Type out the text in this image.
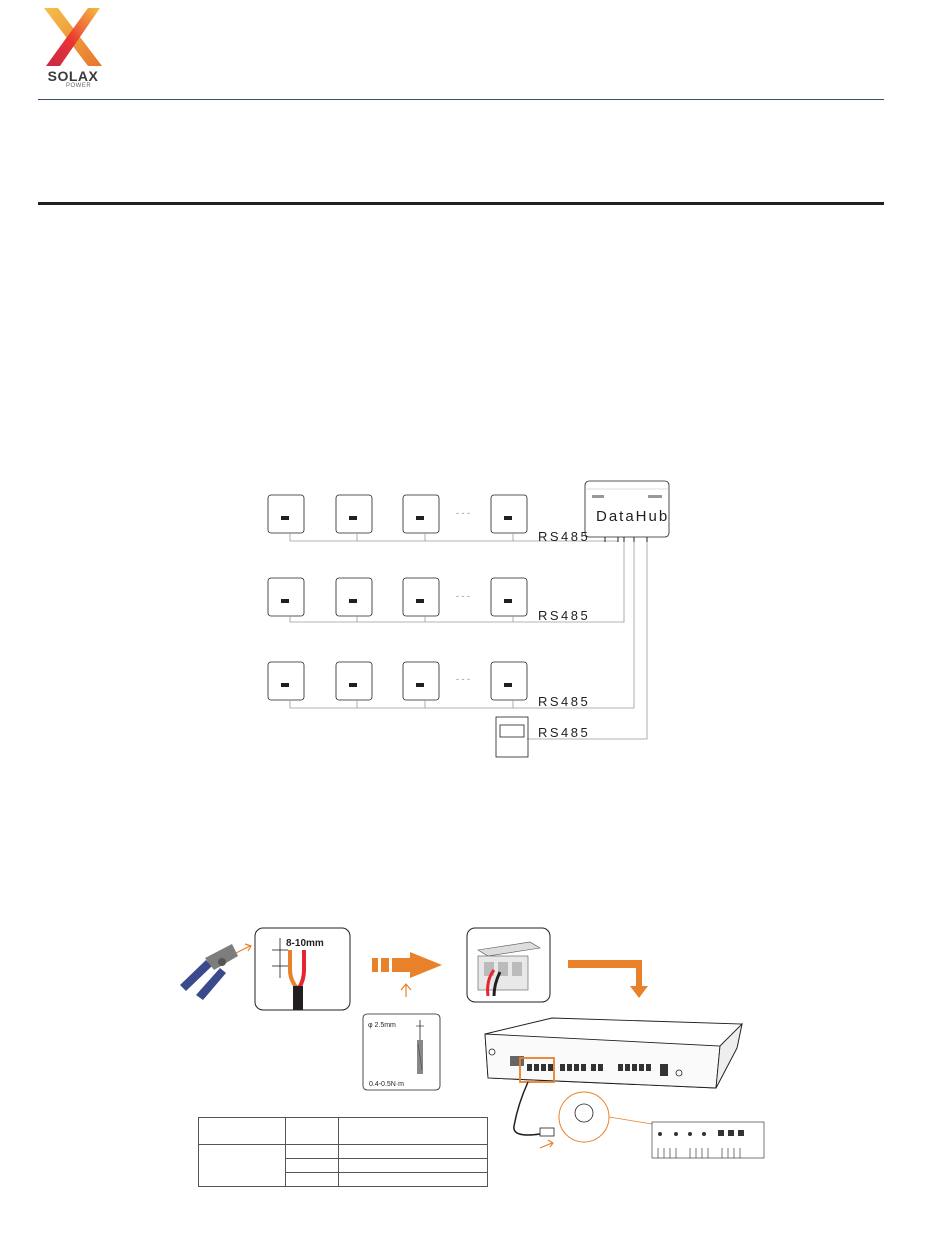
SOLAX
POWER
- - -
- - -
- - -
DataHub
RS485
RS485
RS485
RS485
8-10mm
φ 2.5mm
0.4-0.5N·m
